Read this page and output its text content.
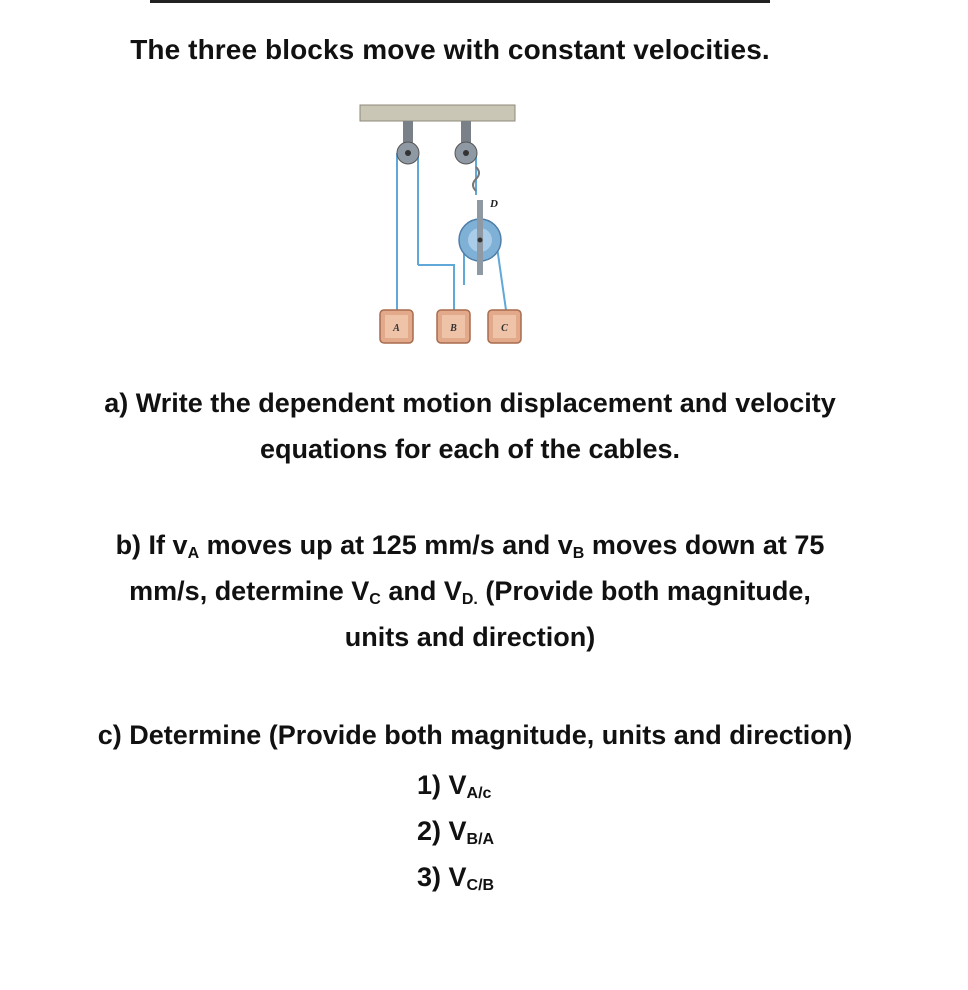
The three blocks move with constant velocities.
D
A	B	C
a) Write the dependent motion displacement and velocity
equations for each of the cables.
b) If $v_A$ moves up at 125 mm/s and $v_B$ moves down at 75
mm/s, determine $V_C$ and $V_{D.}$ (Provide both magnitude,
units and direction)
c) Determine (Provide both magnitude, units and direction)
1) $V_{A/c}$
2) $V_{B/A}$
3) $V_{C/B}$
